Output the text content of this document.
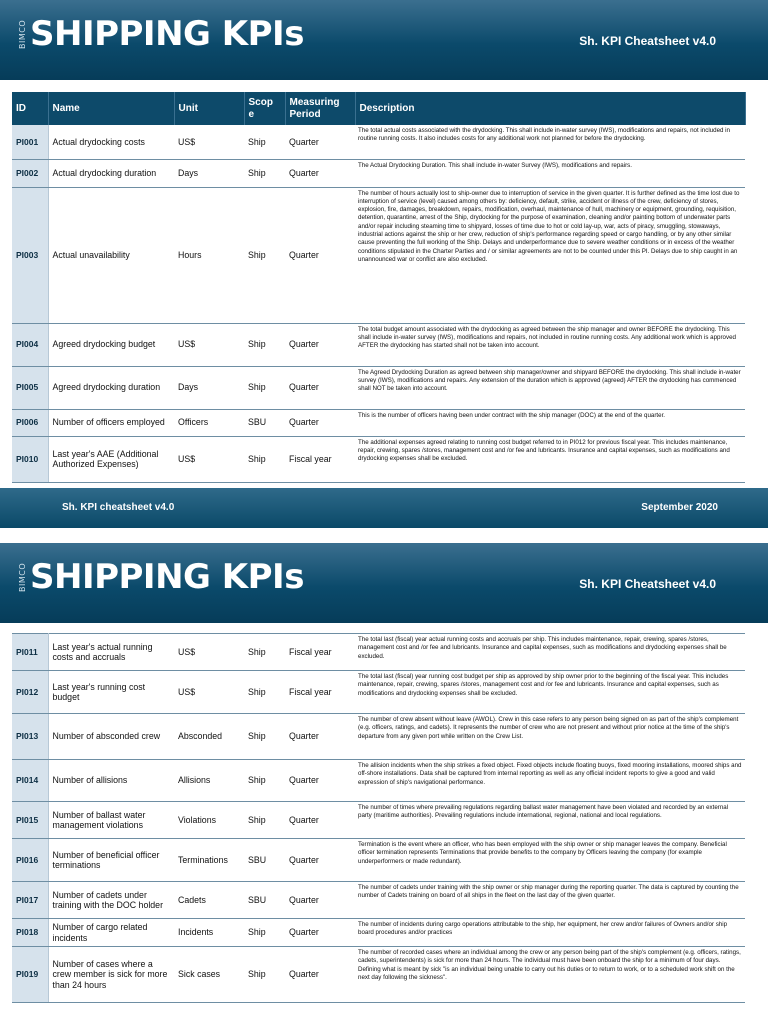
BIMCO SHIPPING KPIs	Sh. KPI Cheatsheet v4.0
ID	Name	Unit	Scop e	Measuring Period	Description
PI001	Actual drydocking costs	US$	Ship	Quarter	The total actual costs associated with the drydocking. This shall include in-water survey (IWS), modifications and repairs, not included in routine running costs. It also includes costs for any additional work not planned for before the drydocking.
PI002	Actual drydocking duration	Days	Ship	Quarter	The Actual Drydocking Duration. This shall include in-water Survey (IWS), modifications and repairs.
PI003	Actual unavailability	Hours	Ship	Quarter	The number of hours actually lost to ship-owner due to interruption of service in the given quarter. It is further defined as the time lost due to interruption of service (level) caused among others by: deficiency, default, strike, accident or illness of the crew, deficiency of stores, explosion, fire, damages, breakdown, repairs, modification, overhaul, maintenance of hull, machinery or equipment, grounding, requisition, detention, quarantine, arrest of the Ship, drydocking for the purpose of examination, cleaning and/or painting bottom of underwater parts and/or repair including steaming time to shipyard, losses of time due to hot or cold lay-up, war, acts of piracy, smuggling, stowaways, industrial actions against the ship or her crew, reduction of ship's performance regarding speed or cargo handling, or by any other similar cause preventing the full working of the Ship. Delays and underperformance due to severe weather conditions or in excess of the weather conditions stipulated in the Charter Parties and / or similar agreements are not to be counted under this PI. Delays due to ship caught in an unannounced war or conflict are also excluded.
PI004	Agreed drydocking budget	US$	Ship	Quarter	The total budget amount associated with the drydocking as agreed between the ship manager and owner BEFORE the drydocking. This shall include in-water survey (IWS), modifications and repairs, not included in routine running costs. Any additional work which is approved AFTER the drydocking has started shall not be taken into account.
PI005	Agreed drydocking duration	Days	Ship	Quarter	The Agreed Drydocking Duration as agreed between ship manager/owner and shipyard BEFORE the drydocking. This shall include in-water survey (IWS), modifications and repairs. Any extension of the duration which is approved (agreed) AFTER the drydocking has commenced shall NOT be taken into account.
PI006	Number of officers employed	Officers	SBU	Quarter	This is the number of officers having been under contract with the ship manager (DOC) at the end of the quarter.
PI010	Last year's AAE (Additional Authorized Expenses)	US$	Ship	Fiscal year	The additional expenses agreed relating to running cost budget referred to in PI012 for previous fiscal year. This includes maintenance, repair, crewing, spares /stores, management cost and /or fee and lubricants. Insurance and capital expenses, such as modifications and drydocking expenses shall be excluded.
Sh. KPI cheatsheet v4.0	September 2020
BIMCO SHIPPING KPIs	Sh. KPI Cheatsheet v4.0
PI011	Last year's actual running costs and accruals	US$	Ship	Fiscal year	The total last (fiscal) year actual running costs and accruals per ship. This includes maintenance, repair, crewing, spares /stores, management cost and /or fee and lubricants. Insurance and capital expenses, such as modifications and drydocking expenses shall be excluded.
PI012	Last year's running cost budget	US$	Ship	Fiscal year	The total last (fiscal) year running cost budget per ship as approved by ship owner prior to the beginning of the fiscal year. This includes maintenance, repair, crewing, spares /stores, management cost and /or fee and lubricants. Insurance and capital expenses, such as modifications and drydocking expenses shall be excluded.
PI013	Number of absconded crew	Absconded	Ship	Quarter	The number of crew absent without leave (AWOL). Crew in this case refers to any person being signed on as part of the ship's complement (e.g. officers, ratings, and cadets). It represents the number of crew who are not present and without prior notice at the time of the ship's departure from any given port while written on the Crew List.
PI014	Number of allisions	Allisions	Ship	Quarter	The allision incidents when the ship strikes a fixed object. Fixed objects include floating buoys, fixed mooring installations, moored ships and off-shore installations. Data shall be captured from internal reporting as well as any official incident reports to give a good and valid expression of ship's navigational performance.
PI015	Number of ballast water management violations	Violations	Ship	Quarter	The number of times where prevailing regulations regarding ballast water management have been violated and recorded by an external party (maritime authorities). Prevailing regulations include international, regional, national and local regulations.
PI016	Number of beneficial officer terminations	Terminations	SBU	Quarter	Termination is the event where an officer, who has been employed with the ship owner or ship manager leaves the company. Beneficial officer termination represents Terminations that provide benefits to the company by Officers leaving the company (for example underperformers or made redundant).
PI017	Number of cadets under training with the DOC holder	Cadets	SBU	Quarter	The number of cadets under training with the ship owner or ship manager during the reporting quarter. The data is captured by counting the number of Cadets training on board of all ships in the fleet on the last day of the given quarter.
PI018	Number of cargo related incidents	Incidents	Ship	Quarter	The number of incidents during cargo operations attributable to the ship, her equipment, her crew and/or failures of Owners and/or ship board procedures and/or practices
PI019	Number of cases where a crew member is sick for more than 24 hours	Sick cases	Ship	Quarter	The number of recorded cases where an individual among the crew or any person being part of the ship's complement (e.g. officers, ratings, cadets, superintendents) is sick for more than 24 hours. The individual must have been onboard the ship for a minimum of four days. Defining what is meant by sick "is an individual being unable to carry out his duties or to return to work, or to a scheduled work shift on the next day following the sickness".
